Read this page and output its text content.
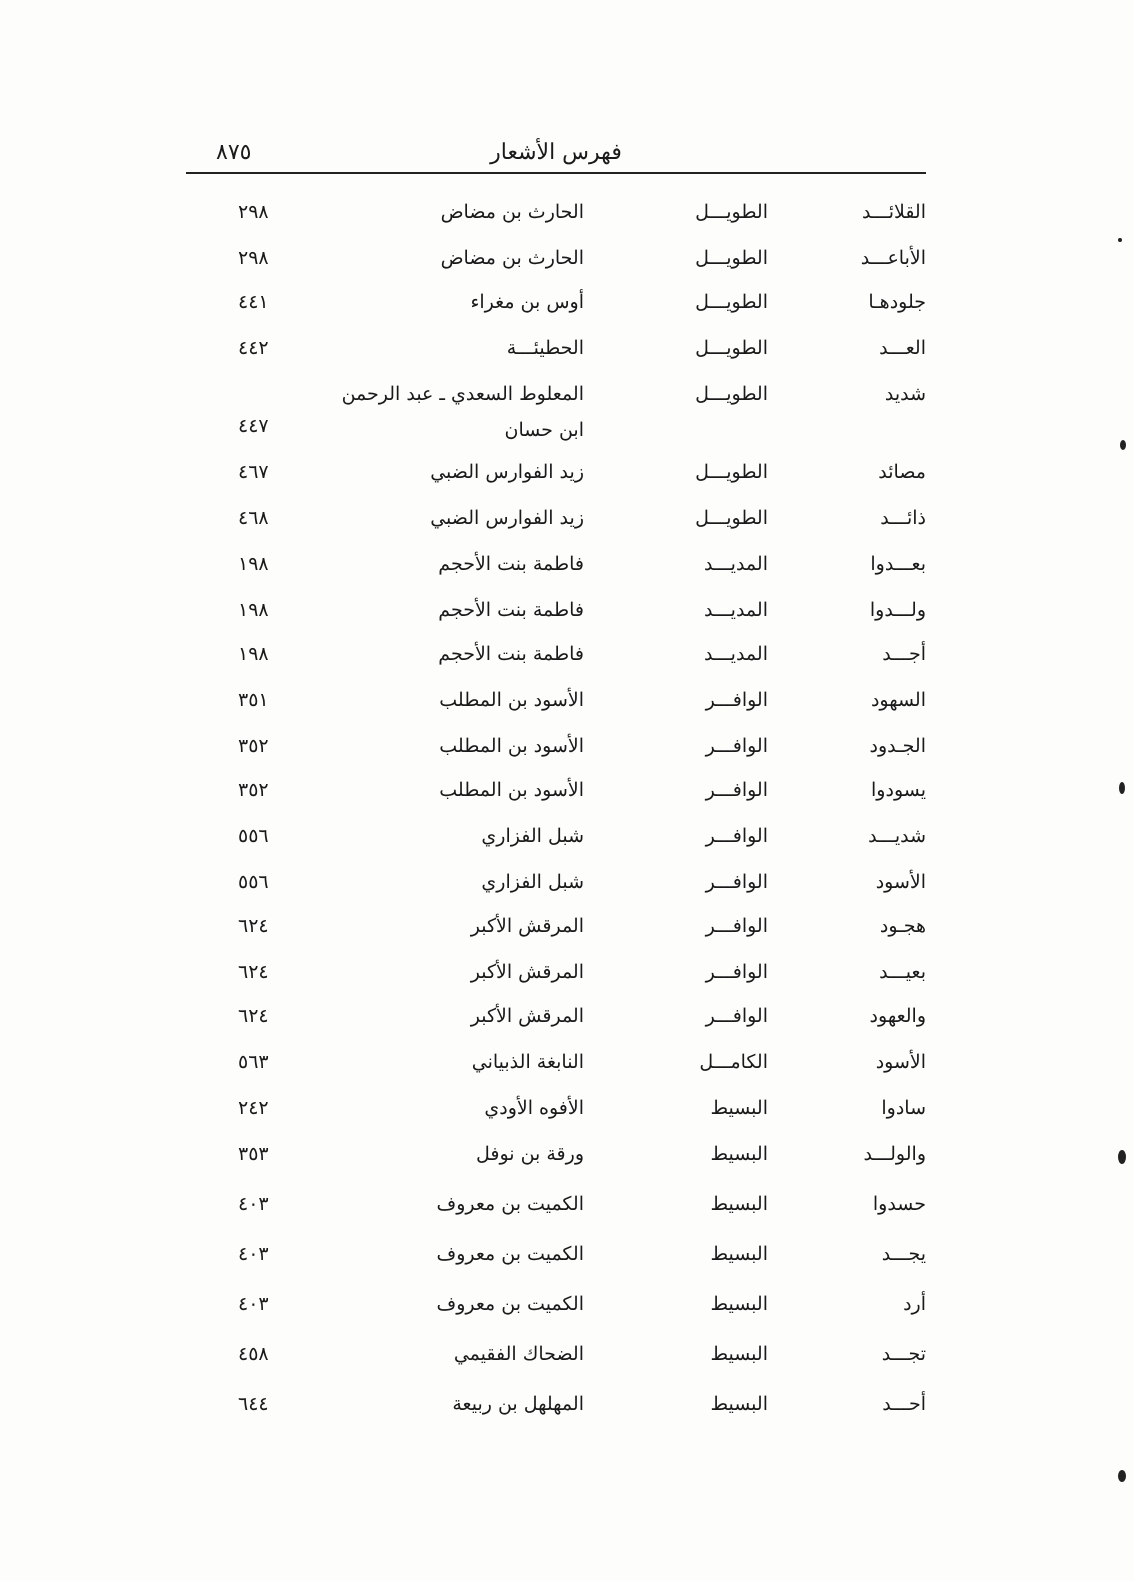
٨٧٥	فهرس الأشعار
القلائـــد
الطويـــل
الحارث بن مضاض
٢٩٨
الأباعـــد
الطويـــل
الحارث بن مضاض
٢٩٨
جلودهـا
الطويـــل
أوس بن مغراء
٤٤١
العـــد
الطويـــل
الحطيئـــة
٤٤٢
شديد
الطويـــل
المعلوط السعدي ـ عبد الرحمن
ابن حسان
٤٤٧
مصائد
الطويـــل
زيد الفوارس الضبي
٤٦٧
ذائـــد
الطويـــل
زيد الفوارس الضبي
٤٦٨
بعـــدوا
المديـــد
فاطمة بنت الأحجم
١٩٨
ولـــدوا
المديـــد
فاطمة بنت الأحجم
١٩٨
أجـــد
المديـــد
فاطمة بنت الأحجم
١٩٨
السهود
الوافـــر
الأسود بن المطلب
٣٥١
الجـدود
الوافـــر
الأسود بن المطلب
٣٥٢
يسودوا
الوافـــر
الأسود بن المطلب
٣٥٢
شديـــد
الوافـــر
شبل الفزاري
٥٥٦
الأسود
الوافـــر
شبل الفزاري
٥٥٦
هجـود
الوافـــر
المرقش الأكبر
٦٢٤
بعيـــد
الوافـــر
المرقش الأكبر
٦٢٤
والعهود
الوافـــر
المرقش الأكبر
٦٢٤
الأسود
الكامـــل
النابغة الذبياني
٥٦٣
سادوا
البسيط
الأفوه الأودي
٢٤٢
والولـــد
البسيط
ورقة بن نوفل
٣٥٣
حسدوا
البسيط
الكميت بن معروف
٤٠٣
يجـــد
البسيط
الكميت بن معروف
٤٠٣
أرد
البسيط
الكميت بن معروف
٤٠٣
تجـــد
البسيط
الضحاك الفقيمي
٤٥٨
أحـــد
البسيط
المهلهل بن ربيعة
٦٤٤
